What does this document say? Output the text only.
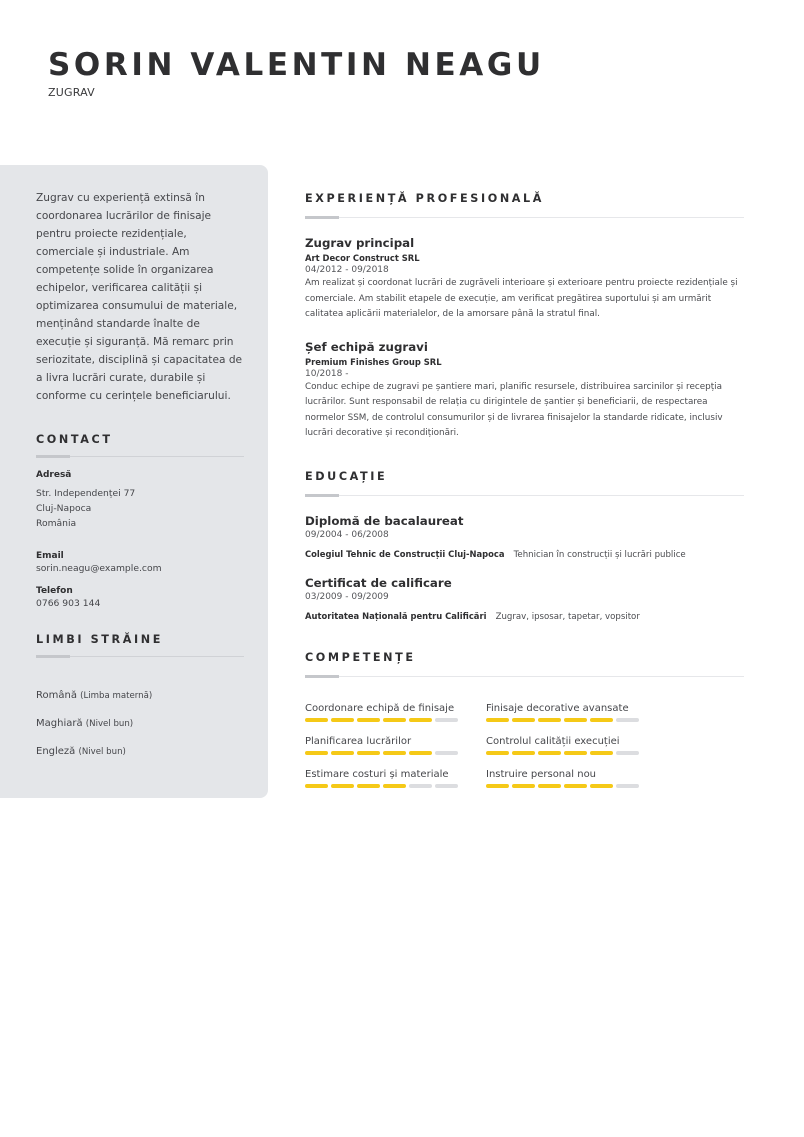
SORIN VALENTIN NEAGU
ZUGRAV

Zugrav cu experiență extinsă în coordonarea lucrărilor de finisaje pentru proiecte rezidențiale, comerciale și industriale. Am competențe solide în organizarea echipelor, verificarea calității și optimizarea consumului de materiale, menținând standarde înalte de execuție și siguranță. Mă remarc prin seriozitate, disciplină și capacitatea de a livra lucrări curate, durabile și conforme cu cerințele beneficiarului.

CONTACT
Adresă
Str. Independenței 77
Cluj-Napoca
România
Email
sorin.neagu@example.com
Telefon
0766 903 144
LIMBI STRĂINE
Română (Limba maternă)
Maghiară (Nivel bun)
Engleză (Nivel bun)
EXPERIENȚĂ PROFESIONALĂ
Zugrav principal
Art Decor Construct SRL
04/2012 - 09/2018
Am realizat și coordonat lucrări de zugrăveli interioare și exterioare pentru proiecte rezidențiale și comerciale. Am stabilit etapele de execuție, am verificat pregătirea suportului și am urmărit calitatea aplicării materialelor, de la amorsare până la stratul final.
Șef echipă zugravi
Premium Finishes Group SRL
10/2018 -
Conduc echipe de zugravi pe șantiere mari, planific resursele, distribuirea sarcinilor și recepția lucrărilor. Sunt responsabil de relația cu dirigintele de șantier și beneficiarii, de respectarea normelor SSM, de controlul consumurilor și de livrarea finisajelor la standarde ridicate, inclusiv lucrări decorative și recondiționări.
EDUCAȚIE
Diplomă de bacalaureat
09/2004 - 06/2008
Colegiul Tehnic de Construcții Cluj-Napoca Tehnician în construcții și lucrări publice
Certificat de calificare
03/2009 - 09/2009
Autoritatea Națională pentru Calificări Zugrav, ipsosar, tapetar, vopsitor
COMPETENȚE
Coordonare echipă de finisaje	Finisaje decorative avansate
Planificarea lucrărilor	Controlul calității execuției
Estimare costuri și materiale	Instruire personal nou
